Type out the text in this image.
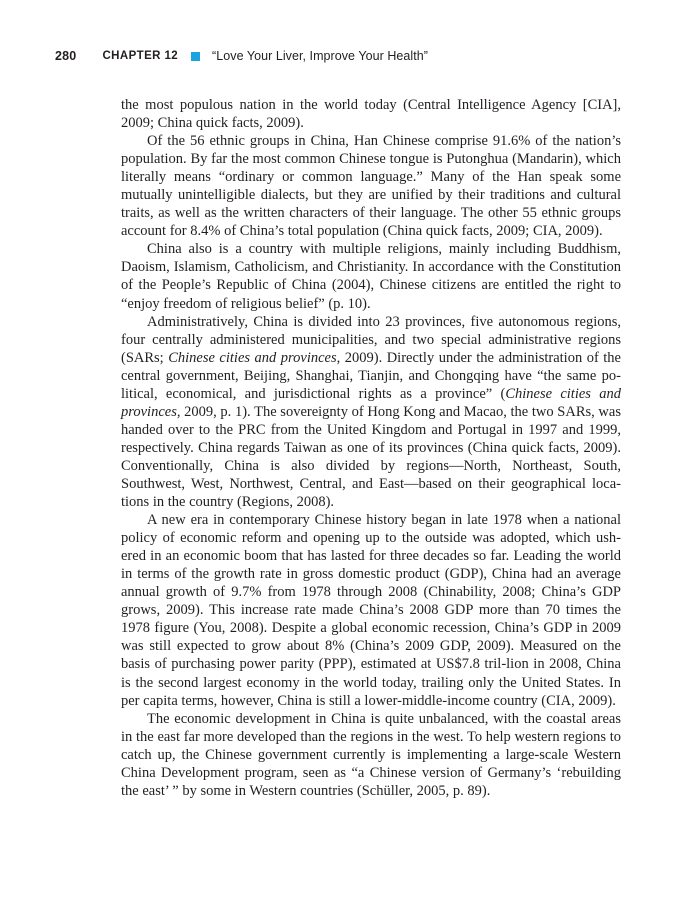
280 CHAPTER 12	“Love Your Liver, Improve Your Health”

the most populous nation in the world today (Central Intelligence Agency [CIA], 2009; China quick facts, 2009).

Of the 56 ethnic groups in China, Han Chinese comprise 91.6% of the nation’s population. By far the most common Chinese tongue is Putonghua (Mandarin), which literally means “ordinary or common language.” Many of the Han speak some mutually unintelligible dialects, but they are unified by their traditions and cultural traits, as well as the written characters of their language. The other 55 ethnic groups account for 8.4% of China’s total population (China quick facts, 2009; CIA, 2009).

China also is a country with multiple religions, mainly including Buddhism, Daoism, Islamism, Catholicism, and Christianity. In accordance with the Constitution of the People’s Republic of China (2004), Chinese citizens are entitled the right to “enjoy freedom of religious belief” (p. 10).

Administratively, China is divided into 23 provinces, five autonomous regions, four centrally administered municipalities, and two special administrative regions (SARs; Chinese cities and provinces, 2009). Directly under the administration of the central government, Beijing, Shanghai, Tianjin, and Chongqing have “the same po-litical, economical, and jurisdictional rights as a province” (Chinese cities and provinces, 2009, p. 1). The sovereignty of Hong Kong and Macao, the two SARs, was handed over to the PRC from the United Kingdom and Portugal in 1997 and 1999, respectively. China regards Taiwan as one of its provinces (China quick facts, 2009). Conventionally, China is also divided by regions—North, Northeast, South, Southwest, West, Northwest, Central, and East—based on their geographical loca-tions in the country (Regions, 2008).

A new era in contemporary Chinese history began in late 1978 when a national policy of economic reform and opening up to the outside was adopted, which ush-ered in an economic boom that has lasted for three decades so far. Leading the world in terms of the growth rate in gross domestic product (GDP), China had an average annual growth of 9.7% from 1978 through 2008 (Chinability, 2008; China’s GDP grows, 2009). This increase rate made China’s 2008 GDP more than 70 times the 1978 figure (You, 2008). Despite a global economic recession, China’s GDP in 2009 was still expected to grow about 8% (China’s 2009 GDP, 2009). Measured on the basis of purchasing power parity (PPP), estimated at US$7.8 tril-lion in 2008, China is the second largest economy in the world today, trailing only the United States. In per capita terms, however, China is still a lower-middle-income country (CIA, 2009).

The economic development in China is quite unbalanced, with the coastal areas in the east far more developed than the regions in the west. To help western regions to catch up, the Chinese government currently is implementing a large-scale Western China Development program, seen as “a Chinese version of Germany’s ‘rebuilding the east’ ” by some in Western countries (Schüller, 2005, p. 89).
